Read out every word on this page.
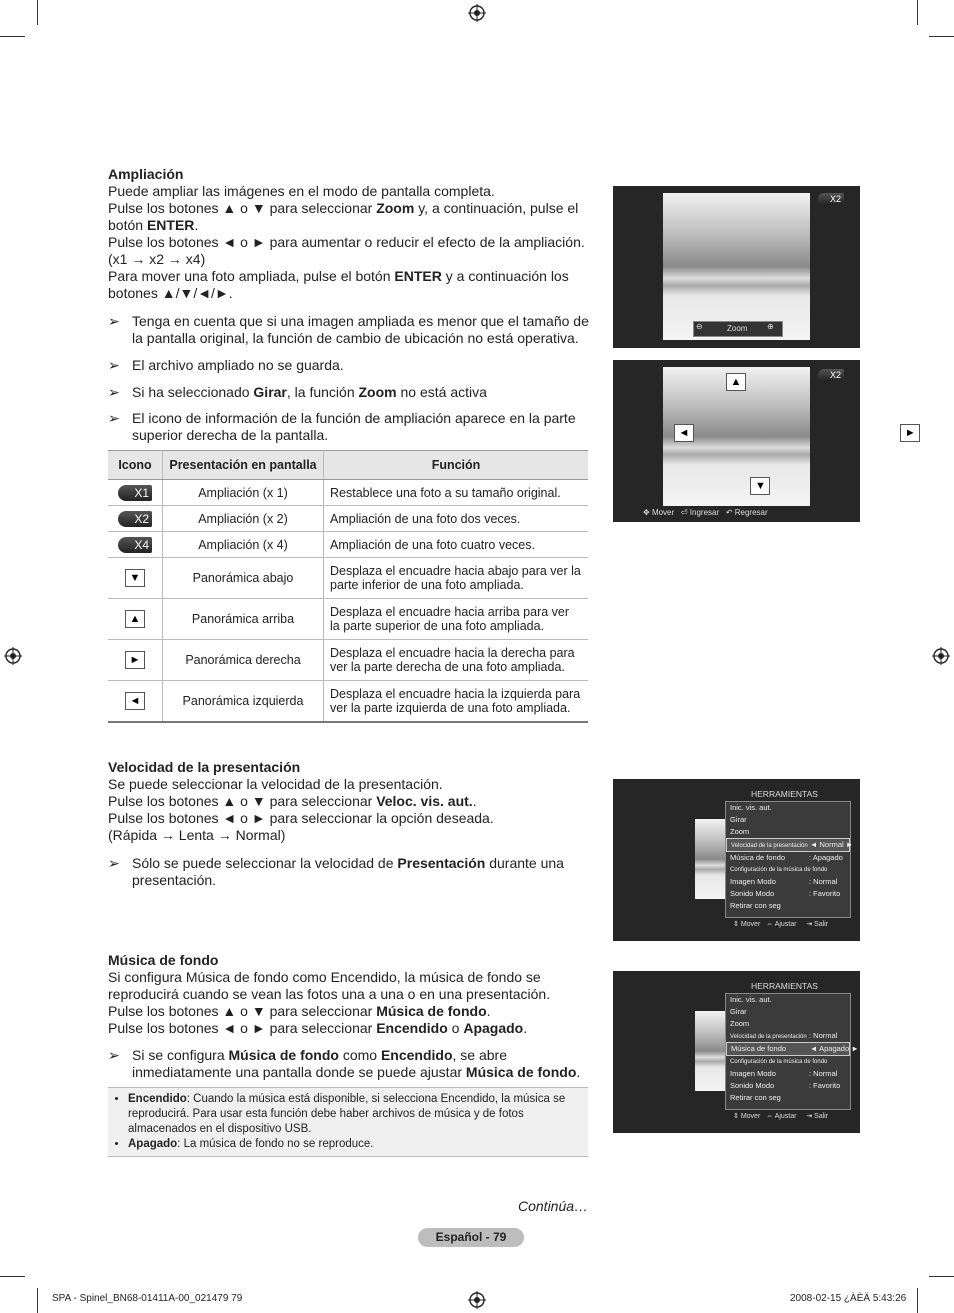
Ampliación

Puede ampliar las imágenes en el modo de pantalla completa.

Pulse los botones ▲ o ▼ para seleccionar Zoom y, a continuación, pulse el botón ENTER.

Pulse los botones ◄ o ► para aumentar o reducir el efecto de la ampliación. (x1 → x2 → x4)

Para mover una foto ampliada, pulse el botón ENTER y a continuación los botones ▲/▼/◄/►.

➢ Tenga en cuenta que si una imagen ampliada es menor que el tamaño de la pantalla original, la función de cambio de ubicación no está operativa.
➢ El archivo ampliado no se guarda.
➢ Si ha seleccionado Girar, la función Zoom no está activa
➢ El icono de información de la función de ampliación aparece en la parte superior derecha de la pantalla.
Icono	Presentación en pantalla	Función
X1	Ampliación (x 1)	Restablece una foto a su tamaño original.
X2	Ampliación (x 2)	Ampliación de una foto dos veces.
X4	Ampliación (x 4)	Ampliación de una foto cuatro veces.

▼	Panorámica abajo	Desplaza el encuadre hacia abajo para ver la parte inferior de una foto ampliada.

▲	Panorámica arriba	Desplaza el encuadre hacia arriba para ver la parte superior de una foto ampliada.

►	Panorámica derecha	Desplaza el encuadre hacia la derecha para ver la parte derecha de una foto ampliada.

◄	Panorámica izquierda	Desplaza el encuadre hacia la izquierda para ver la parte izquierda de una foto ampliada.
X2
⊖	Zoom ⊕
X2
▲

▼

◄
	►
✥ Mover ⏎ Ingresar ↶ Regresar

Velocidad de la presentación

Se puede seleccionar la velocidad de la presentación.

Pulse los botones ▲ o ▼ para seleccionar Veloc. vis. aut..

Pulse los botones ◄ o ► para seleccionar la opción deseada.

(Rápida → Lenta → Normal)

➢ Sólo se puede seleccionar la velocidad de Presentación durante una presentación.
HERRAMIENTAS
Inic. vis. aut.
Girar
Zoom
Velocidad de la presentación ◄ Normal ►
Música de fondo	: Apagado
Configuración de la música de fondo
Imagen Modo	: Normal
Sonido Modo	: Favorito
Retirar con seg
⇕ Mover ⇔ Ajustar ⇥ Salir

Música de fondo

Si configura Música de fondo como Encendido, la música de fondo se reproducirá cuando se vean las fotos una a una o en una presentación.

Pulse los botones ▲ o ▼ para seleccionar Música de fondo.

Pulse los botones ◄ o ► para seleccionar Encendido o Apagado.

➢ Si se configura Música de fondo como Encendido, se abre inmediatamente una pantalla donde se puede ajustar Música de fondo.
• Encendido: Cuando la música está disponible, si selecciona Encendido, la música se reproducirá. Para usar esta función debe haber archivos de música y de fotos almacenados en el dispositivo USB.
• Apagado: La música de fondo no se reproduce.
HERRAMIENTAS
Inic. vis. aut.
Girar
Zoom
Velocidad de la presentación : Normal
Música de fondo	◄ Apagado ►
Configuración de la música de fondo
Imagen Modo	: Normal
Sonido Modo	: Favorito
Retirar con seg
⇕ Mover ⇔ Ajustar ⇥ Salir
Continúa…
Español - 79
SPA - Spinel_BN68-01411A-00_021479 79	2008-02-15 ¿ÀÈÄ 5:43:26
